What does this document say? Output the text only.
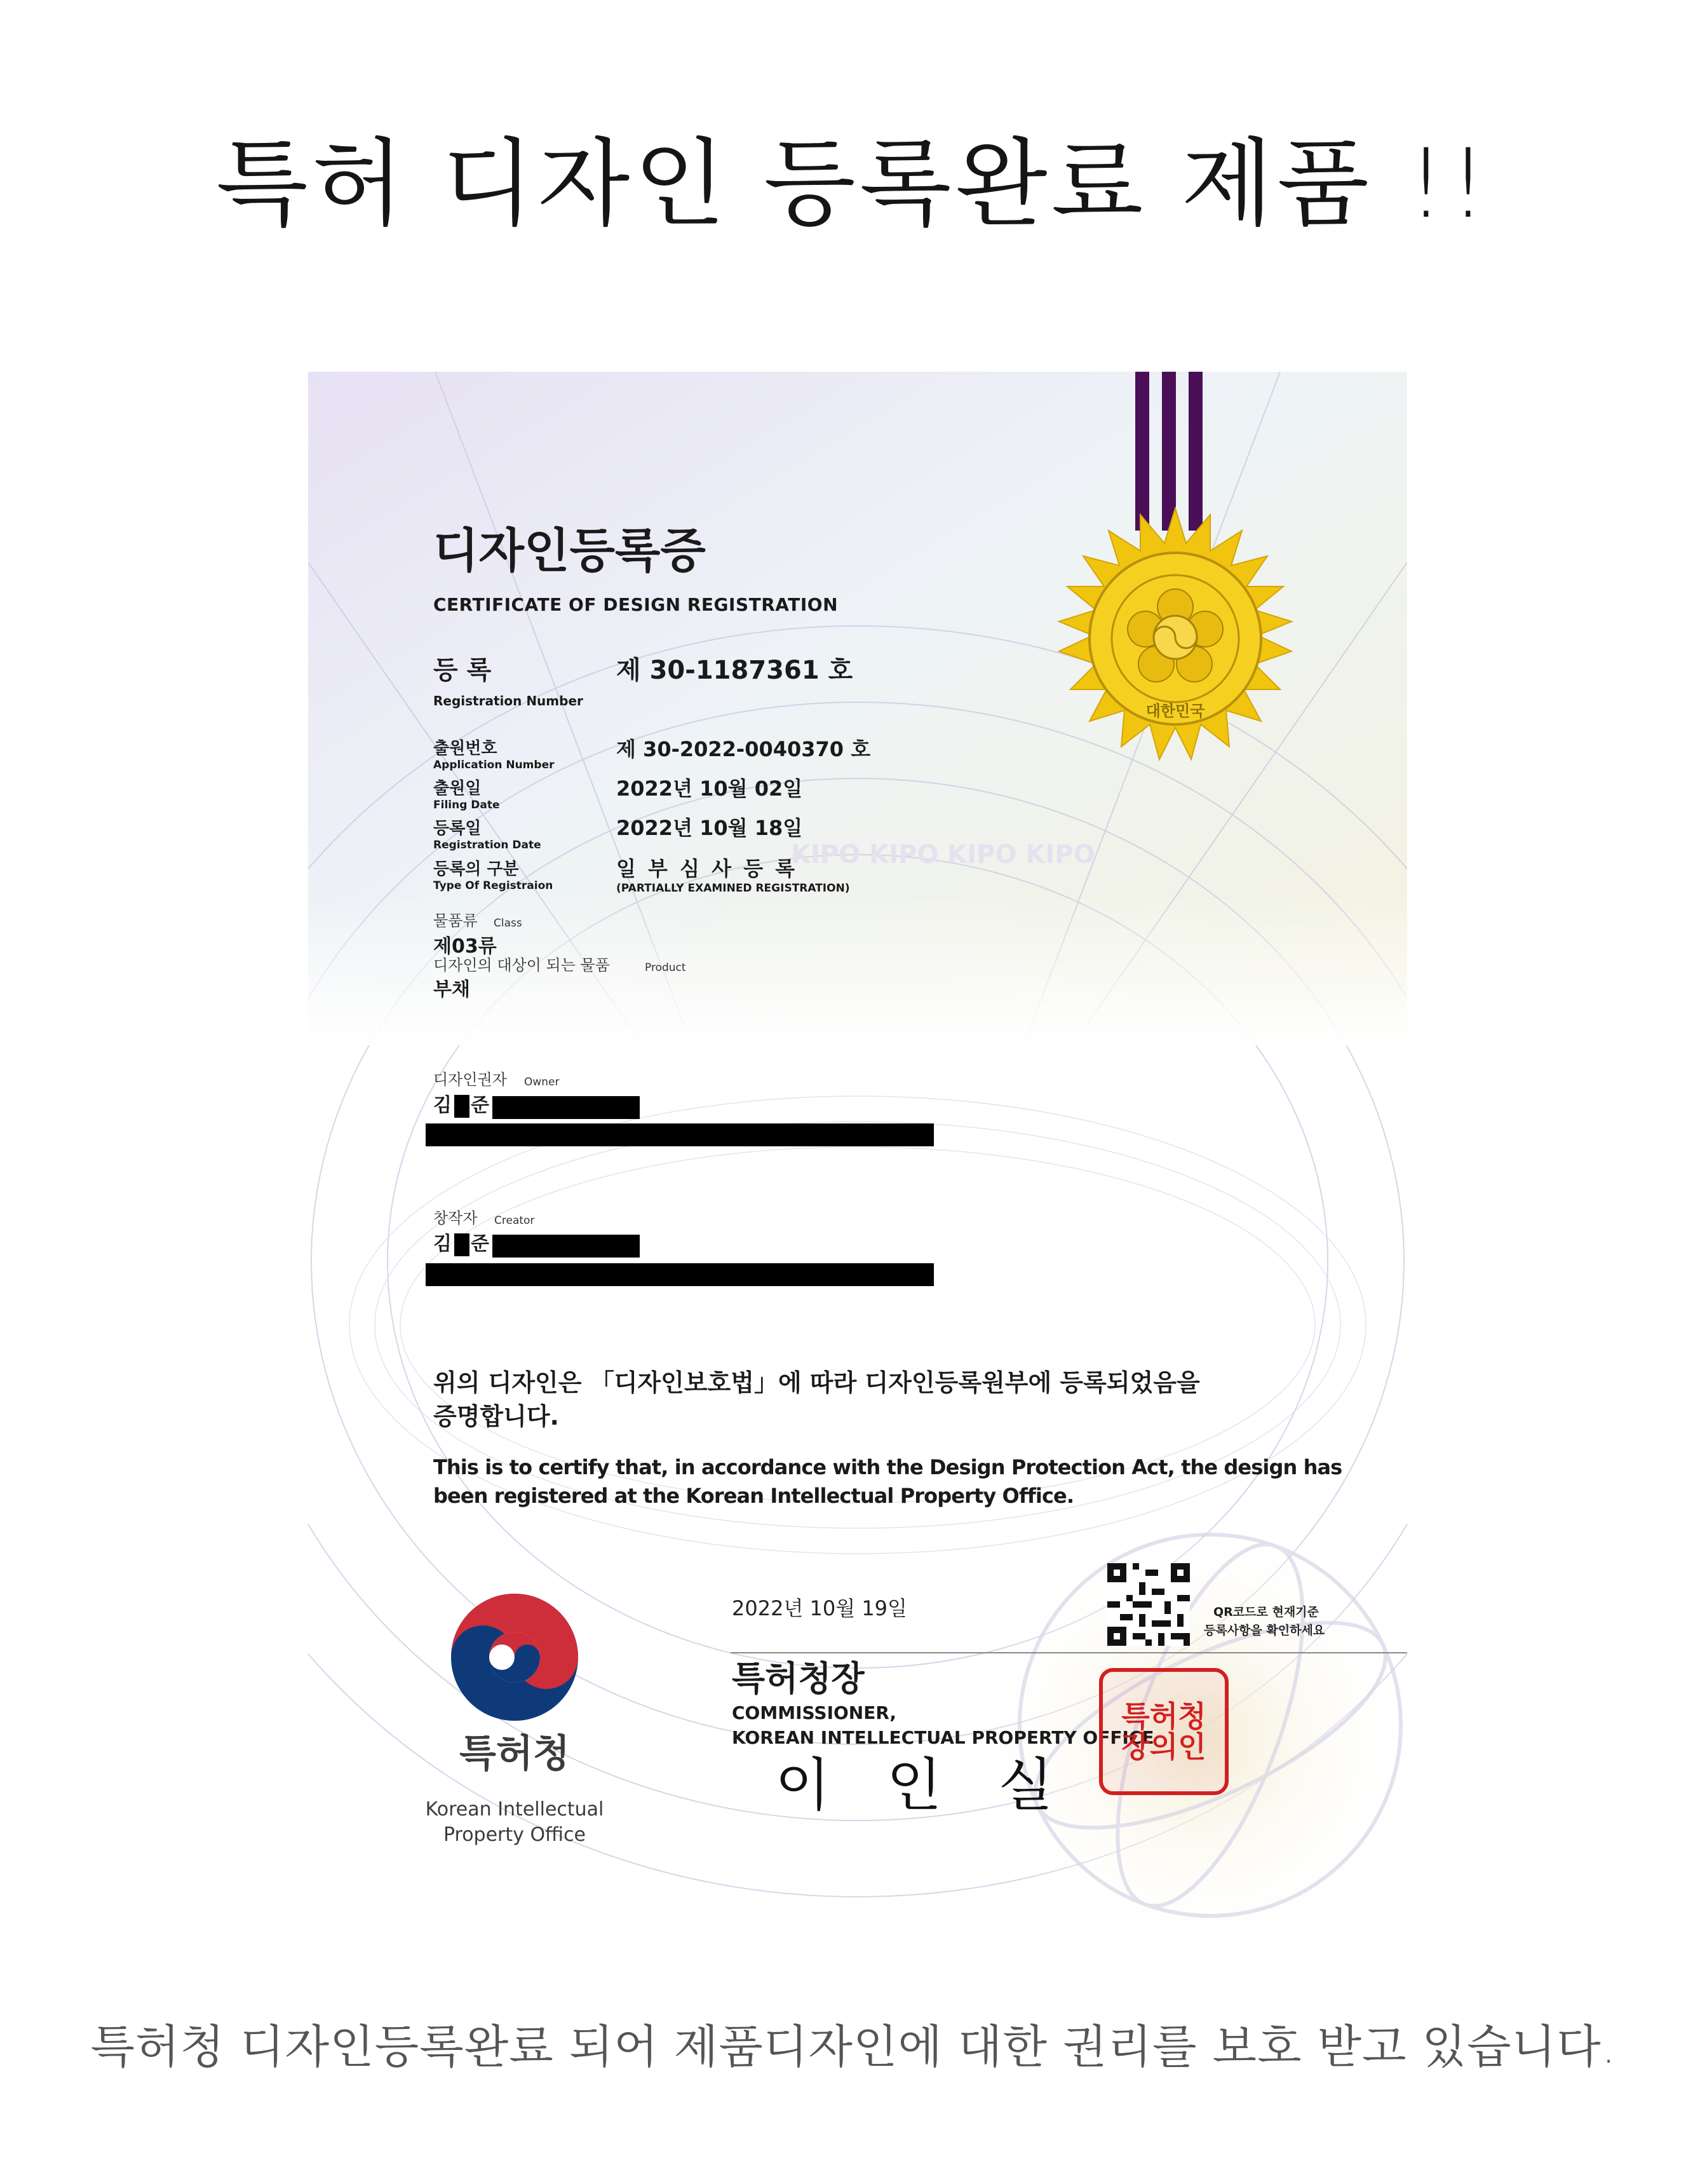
특허 디자인 등록완료 제품 !!
대한민국
디자인등록증
CERTIFICATE OF DESIGN REGISTRATION
등 록
Registration Number
제 30-1187361 호
출원번호
Application Number
제 30-2022-0040370 호
출원일
Filing Date
2022년 10월 02일
등록일
Registration Date
2022년 10월 18일
등록의 구분
Type Of Registraion
일 부 심 사 등 록
(PARTIALLY EXAMINED REGISTRATION)
KIPO KIPO KIPO KIPO
물품류 Class
제03류
디자인의 대상이 되는 물품	Product
부채
디자인권자 Owner
김 준
창작자 Creator
김 준
위의 디자인은 「디자인보호법」에 따라 디자인등록원부에 등록되었음을
증명합니다.
This is to certify that, in accordance with the Design Protection Act, the design has
been registered at the Korean Intellectual Property Office.
특허청
Korean Intellectual
Property Office
2022년 10월 19일	QR코드로 현재기준
등록사항을 확인하세요
특허청장
COMMISSIONER,
KOREAN INTELLECTUAL PROPERTY OFFICE
이 인 실
특허청장의인
특허청 디자인등록완료 되어 제품디자인에 대한 권리를 보호 받고 있습니다.
